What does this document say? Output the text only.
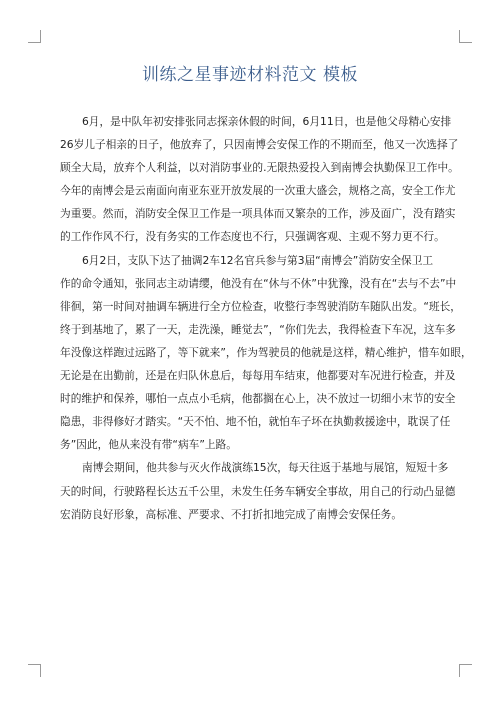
训练之星事迹材料范文 模板
6月，是中队年初安排张同志探亲休假的时间，6月11日，也是他父母精心安排
26岁儿子相亲的日子，他放弃了，只因南博会安保工作的不期而至，他又一次选择了
顾全大局，放弃个人利益，以对消防事业的.无限热爱投入到南博会执勤保卫工作中。
今年的南博会是云南面向南亚东亚开放发展的一次重大盛会，规格之高，安全工作尤
为重要。然而，消防安全保卫工作是一项具体而又繁杂的工作，涉及面广，没有踏实
的工作作风不行，没有务实的工作态度也不行，只强调客观、主观不努力更不行。
6月2日，支队下达了抽调2车12名官兵参与第3届“南博会”消防安全保卫工
作的命令通知，张同志主动请缨，他没有在“休与不休”中犹豫，没有在“去与不去”中
徘徊，第一时间对抽调车辆进行全方位检查，收整行李驾驶消防车随队出发。“班长，
终于到基地了，累了一天，走洗澡，睡觉去”，“你们先去，我得检查下车况，这车多
年没像这样跑过远路了，等下就来”，作为驾驶员的他就是这样，精心维护，惜车如眼，
无论是在出勤前，还是在归队休息后，每每用车结束，他都要对车况进行检查，并及
时的维护和保养，哪怕一点点小毛病，他都搁在心上，决不放过一切细小末节的安全
隐患，非得修好才踏实。“天不怕、地不怕，就怕车子坏在执勤救援途中，耽误了任
务”因此，他从来没有带“病车”上路。
南博会期间，他共参与灭火作战演练15次，每天往返于基地与展馆，短短十多
天的时间，行驶路程长达五千公里，未发生任务车辆安全事故，用自己的行动凸显德
宏消防良好形象，高标准、严要求、不打折扣地完成了南博会安保任务。
